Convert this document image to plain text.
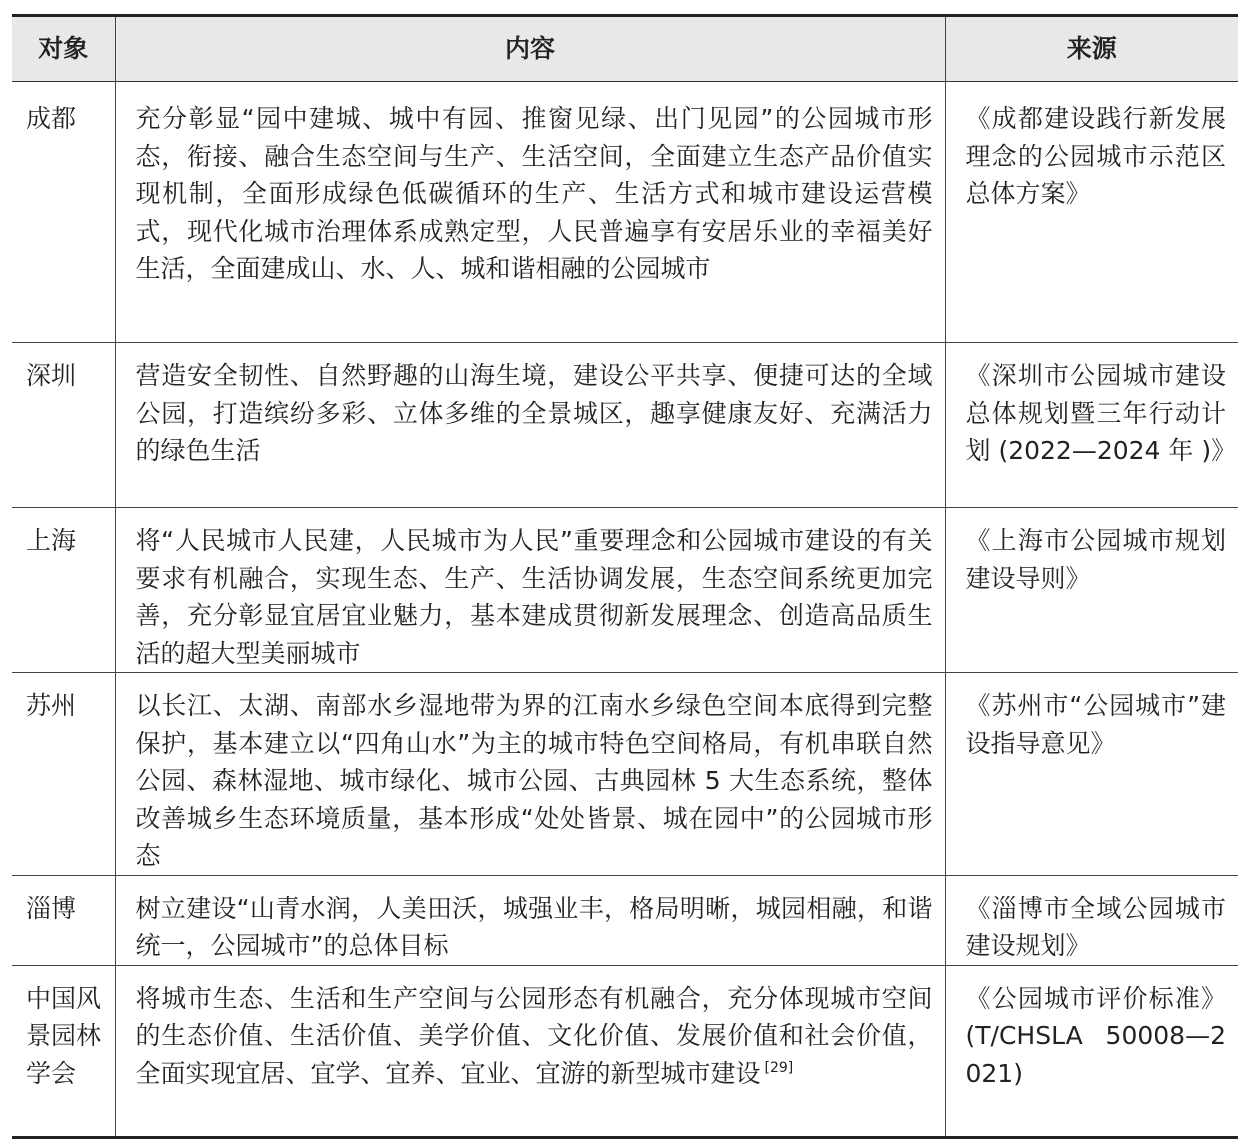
对象	内容	来源
成都	充分彰显“园中建城、城中有园、推窗见绿、出门见园”的公园城市形态，衔接、融合生态空间与生产、生活空间，全面建立生态产品价值实现机制，全面形成绿色低碳循环的生产、生活方式和城市建设运营模式，现代化城市治理体系成熟定型，人民普遍享有安居乐业的幸福美好生活，全面建成山、水、人、城和谐相融的公园城市	《成都建设践行新发展理念的公园城市示范区总体方案》
深圳	营造安全韧性、自然野趣的山海生境，建设公平共享、便捷可达的全域公园，打造缤纷多彩、立体多维的全景城区，趣享健康友好、充满活力的绿色生活	《深圳市公园城市建设总体规划暨三年行动计划 (2022—2024 年 )》
上海	将“人民城市人民建，人民城市为人民”重要理念和公园城市建设的有关要求有机融合，实现生态、生产、生活协调发展，生态空间系统更加完善，充分彰显宜居宜业魅力，基本建成贯彻新发展理念、创造高品质生活的超大型美丽城市	《上海市公园城市规划建设导则》
苏州	以长江、太湖、南部水乡湿地带为界的江南水乡绿色空间本底得到完整保护，基本建立以“四角山水”为主的城市特色空间格局，有机串联自然公园、森林湿地、城市绿化、城市公园、古典园林 5 大生态系统，整体改善城乡生态环境质量，基本形成“处处皆景、城在园中”的公园城市形态	《苏州市“公园城市”建设指导意见》
淄博	树立建设“山青水润，人美田沃，城强业丰，格局明晰，城园相融，和谐统一，公园城市”的总体目标	《淄博市全域公园城市建设规划》
中国风景园林学会	将城市生态、生活和生产空间与公园形态有机融合，充分体现城市空间的生态价值、生活价值、美学价值、文化价值、发展价值和社会价值，全面实现宜居、宜学、宜养、宜业、宜游的新型城市建设 [29]	《公园城市评价标准》(T/CHSLA 50008—2021)
